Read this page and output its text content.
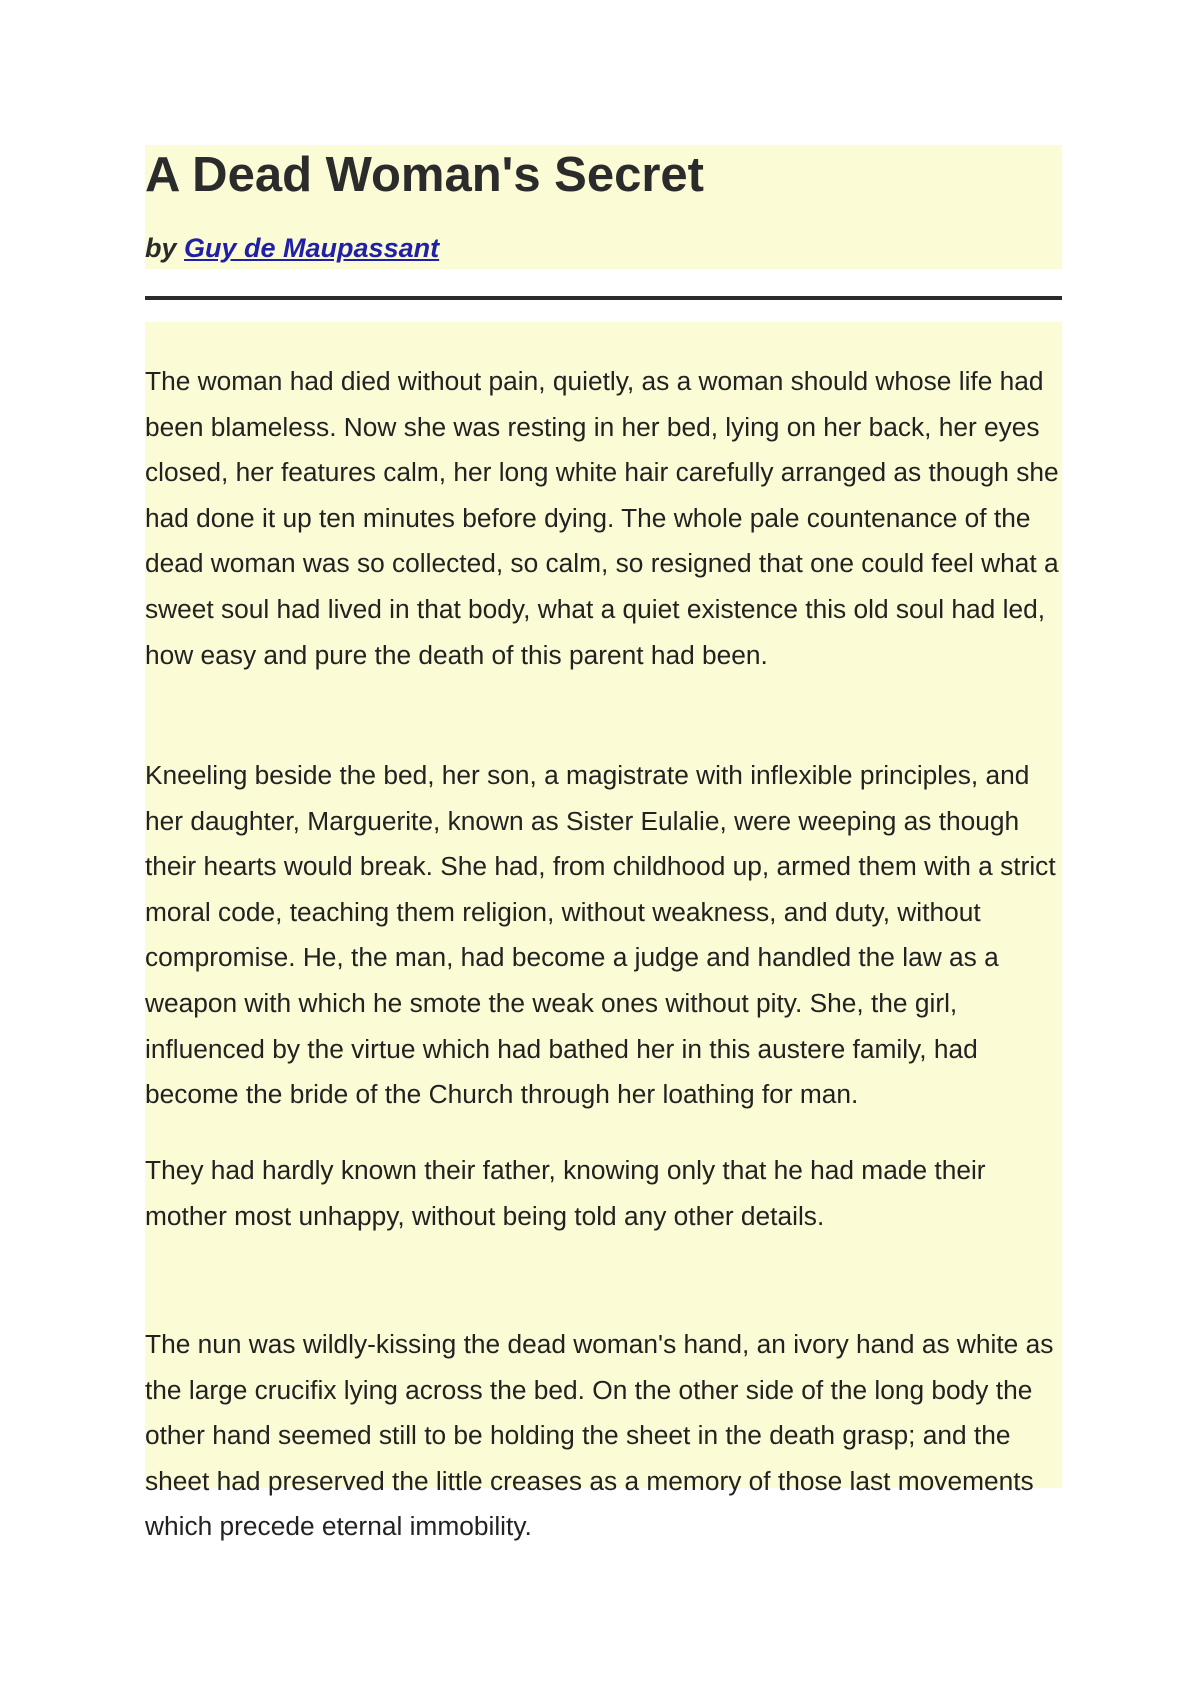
A Dead Woman's Secret
by Guy de Maupassant

The woman had died without pain, quietly, as a woman should whose life had been blameless. Now she was resting in her bed, lying on her back, her eyes closed, her features calm, her long white hair carefully arranged as though she had done it up ten minutes before dying. The whole pale countenance of the dead woman was so collected, so calm, so resigned that one could feel what a sweet soul had lived in that body, what a quiet existence this old soul had led, how easy and pure the death of this parent had been.

Kneeling beside the bed, her son, a magistrate with inflexible principles, and her daughter, Marguerite, known as Sister Eulalie, were weeping as though their hearts would break. She had, from childhood up, armed them with a strict moral code, teaching them religion, without weakness, and duty, without compromise. He, the man, had become a judge and handled the law as a weapon with which he smote the weak ones without pity. She, the girl, influenced by the virtue which had bathed her in this austere family, had become the bride of the Church through her loathing for man.

They had hardly known their father, knowing only that he had made their mother most unhappy, without being told any other details.

The nun was wildly-kissing the dead woman's hand, an ivory hand as white as the large crucifix lying across the bed. On the other side of the long body the other hand seemed still to be holding the sheet in the death grasp; and the sheet had preserved the little creases as a memory of those last movements which precede eternal immobility.
